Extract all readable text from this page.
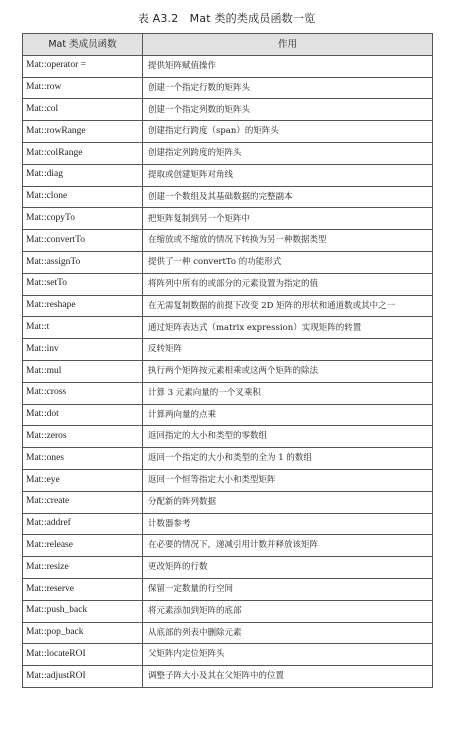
表 A3.2　Mat 类的类成员函数一览
Mat 类成员函数	作用
Mat::operator =	提供矩阵赋值操作
Mat::row	创建一个指定行数的矩阵头
Mat::col	创建一个指定列数的矩阵头
Mat::rowRange	创建指定行跨度（span）的矩阵头
Mat::colRange	创建指定列跨度的矩阵头
Mat::diag	提取或创建矩阵对角线
Mat::clone	创建一个数组及其基础数据的完整副本
Mat::copyTo	把矩阵复制到另一个矩阵中
Mat::convertTo	在缩放或不缩放的情况下转换为另一种数据类型
Mat::assignTo	提供了一种 convertTo 的功能形式
Mat::setTo	将阵列中所有的或部分的元素设置为指定的值
Mat::reshape	在无需复制数据的前提下改变 2D 矩阵的形状和通道数或其中之一
Mat::t	通过矩阵表达式（matrix expression）实现矩阵的转置
Mat::inv	反转矩阵
Mat::mul	执行两个矩阵按元素相乘或这两个矩阵的除法
Mat::cross	计算 3 元素向量的一个叉乘积
Mat::dot	计算两向量的点乘
Mat::zeros	返回指定的大小和类型的零数组
Mat::ones	返回一个指定的大小和类型的全为 1 的数组
Mat::eye	返回一个恒等指定大小和类型矩阵
Mat::create	分配新的阵列数据
Mat::addref	计数器参考
Mat::release	在必要的情况下，递减引用计数并释放该矩阵
Mat::resize	更改矩阵的行数
Mat::reserve	保留一定数量的行空间
Mat::push_back	将元素添加到矩阵的底部
Mat::pop_back	从底部的列表中删除元素
Mat::locateROI	父矩阵内定位矩阵头
Mat::adjustROI	调整子阵大小及其在父矩阵中的位置
